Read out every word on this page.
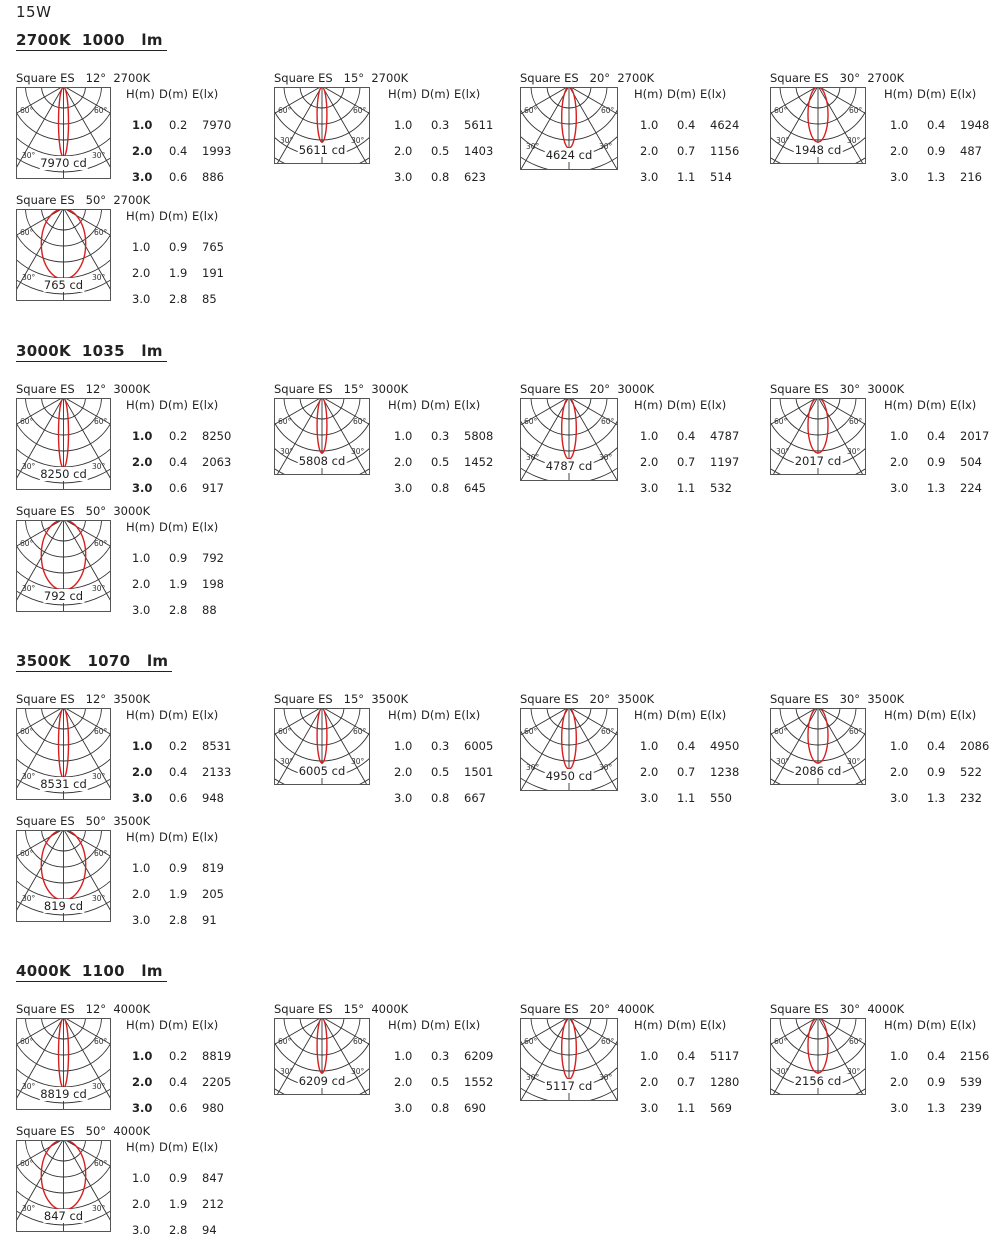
15W
2700K  1000   lm
Square ES   12°  2700K
60°	60°
30°	30°
7970 cd
H(m) D(m) E(lx)
1.0 0.2 7970
2.0 0.4 1993
3.0 0.6 886
Square ES   15°  2700K
60°	60°
30°	30°
5611 cd
H(m) D(m) E(lx)
1.0 0.3 5611
2.0 0.5 1403
3.0 0.8 623
Square ES   20°  2700K
60°	60°
30°	30°
4624 cd
H(m) D(m) E(lx)
1.0 0.4 4624
2.0 0.7 1156
3.0 1.1 514
Square ES   30°  2700K
60°	60°
30°	30°
1948 cd
H(m) D(m) E(lx)
1.0 0.4 1948
2.0 0.9 487
3.0 1.3 216
Square ES   50°  2700K
60°	60°
30°	30°
765 cd
H(m) D(m) E(lx)
1.0 0.9 765
2.0 1.9 191
3.0 2.8 85
3000K  1035   lm
Square ES   12°  3000K
60°	60°
30°	30°
8250 cd
H(m) D(m) E(lx)
1.0 0.2 8250
2.0 0.4 2063
3.0 0.6 917
Square ES   15°  3000K
60°	60°
30°	30°
5808 cd
H(m) D(m) E(lx)
1.0 0.3 5808
2.0 0.5 1452
3.0 0.8 645
Square ES   20°  3000K
60°	60°
30°	30°
4787 cd
H(m) D(m) E(lx)
1.0 0.4 4787
2.0 0.7 1197
3.0 1.1 532
Square ES   30°  3000K
60°	60°
30°	30°
2017 cd
H(m) D(m) E(lx)
1.0 0.4 2017
2.0 0.9 504
3.0 1.3 224
Square ES   50°  3000K
60°	60°
30°	30°
792 cd
H(m) D(m) E(lx)
1.0 0.9 792
2.0 1.9 198
3.0 2.8 88
3500K   1070   lm
Square ES   12°  3500K
60°	60°
30°	30°
8531 cd
H(m) D(m) E(lx)
1.0 0.2 8531
2.0 0.4 2133
3.0 0.6 948
Square ES   15°  3500K
60°	60°
30°	30°
6005 cd
H(m) D(m) E(lx)
1.0 0.3 6005
2.0 0.5 1501
3.0 0.8 667
Square ES   20°  3500K
60°	60°
30°	30°
4950 cd
H(m) D(m) E(lx)
1.0 0.4 4950
2.0 0.7 1238
3.0 1.1 550
Square ES   30°  3500K
60°	60°
30°	30°
2086 cd
H(m) D(m) E(lx)
1.0 0.4 2086
2.0 0.9 522
3.0 1.3 232
Square ES   50°  3500K
60°	60°
30°	30°
819 cd
H(m) D(m) E(lx)
1.0 0.9 819
2.0 1.9 205
3.0 2.8 91
4000K  1100   lm
Square ES   12°  4000K
60°	60°
30°	30°
8819 cd
H(m) D(m) E(lx)
1.0 0.2 8819
2.0 0.4 2205
3.0 0.6 980
Square ES   15°  4000K
60°	60°
30°	30°
6209 cd
H(m) D(m) E(lx)
1.0 0.3 6209
2.0 0.5 1552
3.0 0.8 690
Square ES   20°  4000K
60°	60°
30°	30°
5117 cd
H(m) D(m) E(lx)
1.0 0.4 5117
2.0 0.7 1280
3.0 1.1 569
Square ES   30°  4000K
60°	60°
30°	30°
2156 cd
H(m) D(m) E(lx)
1.0 0.4 2156
2.0 0.9 539
3.0 1.3 239
Square ES   50°  4000K
60°	60°
30°	30°
847 cd
H(m) D(m) E(lx)
1.0 0.9 847
2.0 1.9 212
3.0 2.8 94
